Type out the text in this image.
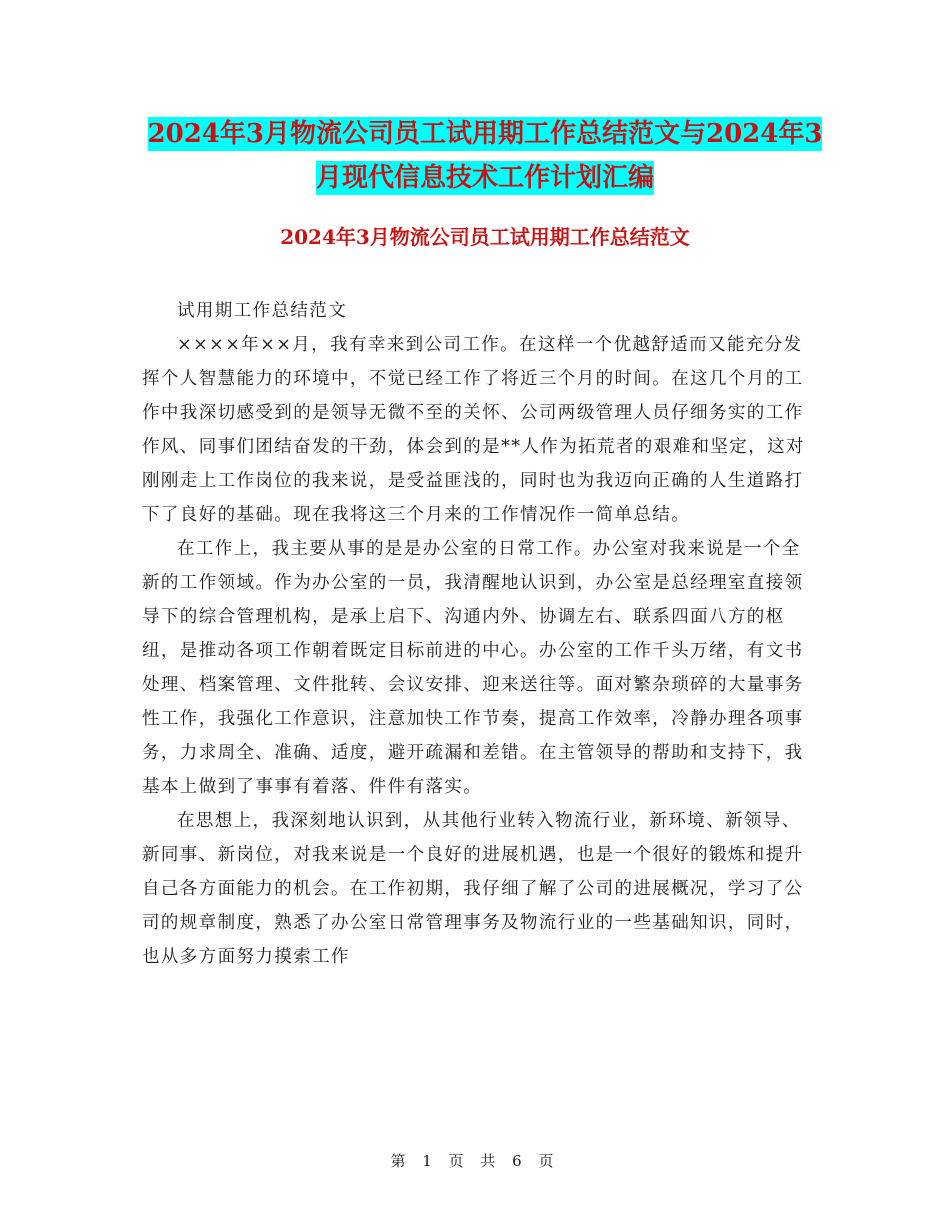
2024年3月物流公司员工试用期工作总结范文与2024年3月现代信息技术工作计划汇编
2024年3月物流公司员工试用期工作总结范文

试用期工作总结范文

××××年××月，我有幸来到公司工作。在这样一个优越舒适而又能充分发挥个人智慧能力的环境中，不觉已经工作了将近三个月的时间。在这几个月的工作中我深切感受到的是领导无微不至的关怀、公司两级管理人员仔细务实的工作作风、同事们团结奋发的干劲，体会到的是**人作为拓荒者的艰难和坚定，这对刚刚走上工作岗位的我来说，是受益匪浅的，同时也为我迈向正确的人生道路打下了良好的基础。现在我将这三个月来的工作情况作一简单总结。

在工作上，我主要从事的是是办公室的日常工作。办公室对我来说是一个全新的工作领域。作为办公室的一员，我清醒地认识到，办公室是总经理室直接领导下的综合管理机构，是承上启下、沟通内外、协调左右、联系四面八方的枢纽，是推动各项工作朝着既定目标前进的中心。办公室的工作千头万绪，有文书处理、档案管理、文件批转、会议安排、迎来送往等。面对繁杂琐碎的大量事务性工作，我强化工作意识，注意加快工作节奏，提高工作效率，冷静办理各项事务，力求周全、准确、适度，避开疏漏和差错。在主管领导的帮助和支持下，我基本上做到了事事有着落、件件有落实。

在思想上，我深刻地认识到，从其他行业转入物流行业，新环境、新领导、新同事、新岗位，对我来说是一个良好的进展机遇，也是一个很好的锻炼和提升自己各方面能力的机会。在工作初期，我仔细了解了公司的进展概况，学习了公司的规章制度，熟悉了办公室日常管理事务及物流行业的一些基础知识，同时，也从多方面努力摸索工作

第 1 页 共 6 页
